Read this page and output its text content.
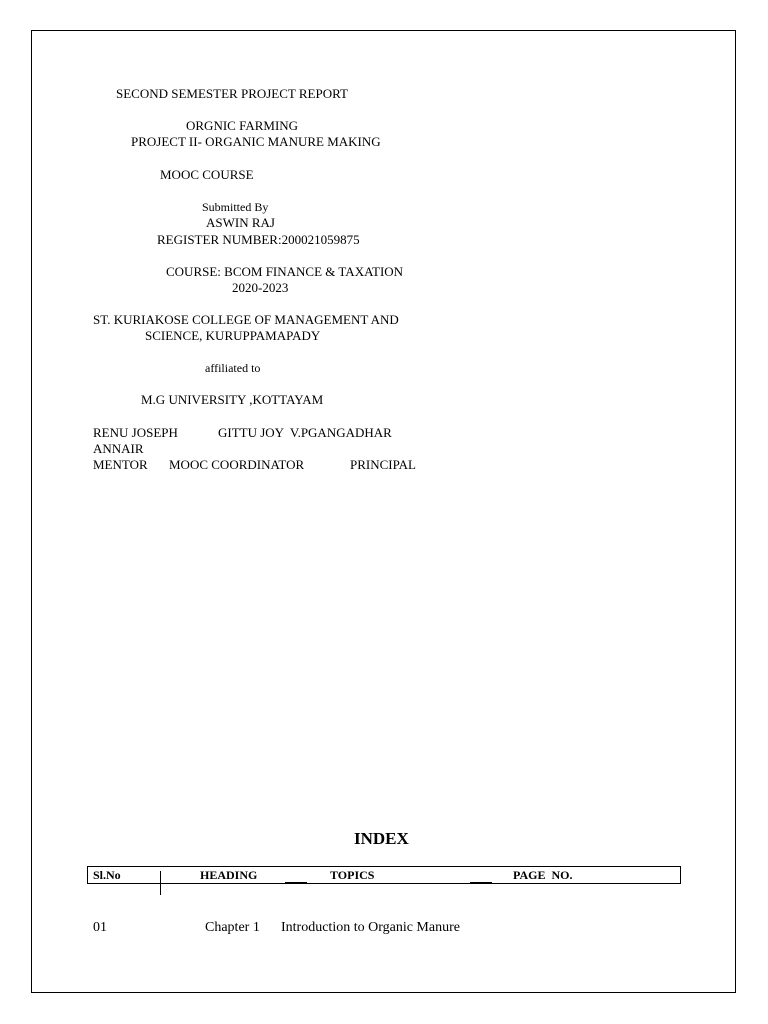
SECOND SEMESTER PROJECT REPORT
ORGNIC FARMING
PROJECT II- ORGANIC MANURE MAKING
MOOC COURSE
Submitted By
ASWIN RAJ
REGISTER NUMBER:200021059875
COURSE: BCOM FINANCE & TAXATION
2020-2023
ST. KURIAKOSE COLLEGE OF MANAGEMENT AND
SCIENCE, KURUPPAMAPADY
affiliated to
M.G UNIVERSITY ,KOTTAYAM
RENU JOSEPH	GITTU JOY  V.PGANGADHAR
ANNAIR
MENTOR MOOC COORDINATOR	PRINCIPAL
INDEX
Sl.No	HEADING	TOPICS	PAGE  NO.
01	Chapter 1 Introduction to Organic Manure
